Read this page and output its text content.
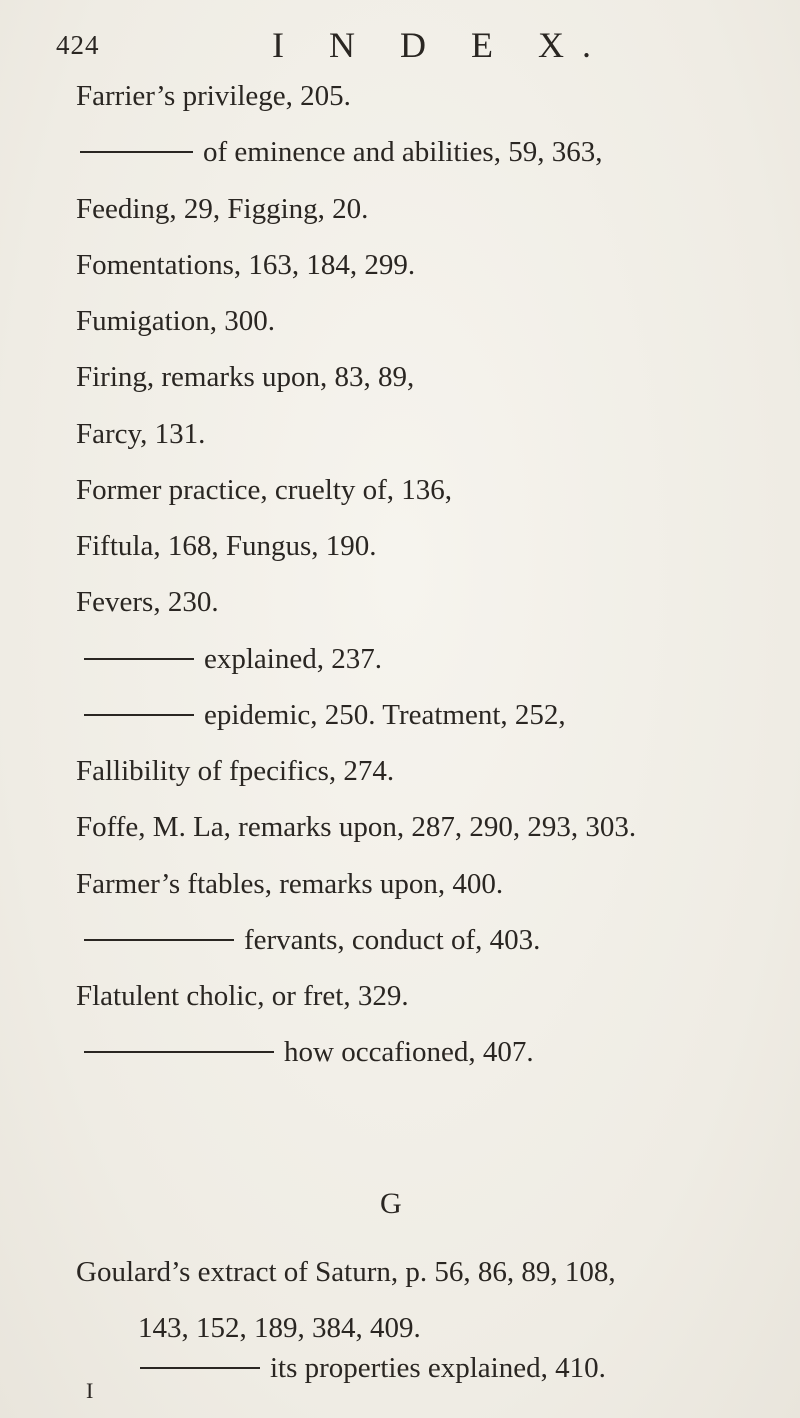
424	I N D E X.
Farrier’s privilege, 205.
of eminence and abilities, 59, 363,
Feeding, 29, Figging, 20.
Fomentations, 163, 184, 299.
Fumigation, 300.
Firing, remarks upon, 83, 89,
Farcy, 131.
Former practice, cruelty of, 136,
Fiftula, 168, Fungus, 190.
Fevers, 230.
explained, 237.
epidemic, 250. Treatment, 252,
Fallibility of fpecifics, 274.
Foffe, M. La, remarks upon, 287, 290, 293, 303.
Farmer’s ftables, remarks upon, 400.
fervants, conduct of, 403.
Flatulent cholic, or fret, 329.
how occafioned, 407.
G
Goulard’s extract of Saturn, p. 56, 86, 89, 108,
143, 152, 189, 384, 409.
its properties explained, 410.
I
